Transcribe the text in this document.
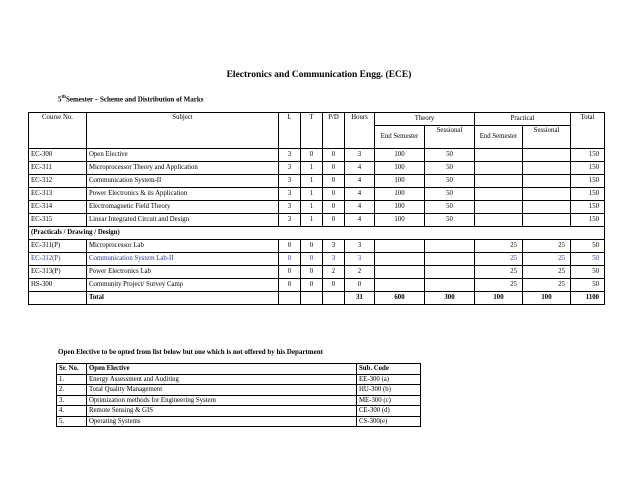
Electronics and Communication Engg. (ECE)
5thSemester – Scheme and Distribution of Marks
Course No.	Subject	L	T	P/D	Hours	Theory		Practical		Total
						End Semester	Sessional	End Semester	Sessional	
EC-300	Open Elective	3	0	0	3	100	50			150
EC-311	Microprocessor Theory and Application	3	1	0	4	100	50			150
EC-312	Communication System-II	3	1	0	4	100	50			150
EC-313	Power Electronics & its Application	3	1	0	4	100	50			150
EC-314	Electromagnetic Field Theory	3	1	0	4	100	50			150
EC-315	Linear Integrated Circuit and Design	3	1	0	4	100	50			150
(Practicals / Drawing / Design)										
EC-311(P)	Microprocessor Lab	0	0	3	3			25	25	50
EC-312(P)	Communication System Lab-II	0	0	3	3			25	25	50
EC-313(P)	Power Electronics Lab	0	0	2	2			25	25	50
HS-300	Community Project/ Survey Camp	0	0	0	0			25	25	50
	Total				31	600	300	100	100	1100
Open Elective to be opted from list below but one which is not offered by his Department
Sr. No.	Open Elective	Sub. Code
1.	Energy Assessment and Auditing	EE-300 (a)
2.	Total Quality Management	HU-300 (b)
3.	Optimization methods for Engineering System	ME-300 (c)
4.	Remote Sensing & GIS	CE-300 (d)
5.	Operating Systems	CS-300(e)
